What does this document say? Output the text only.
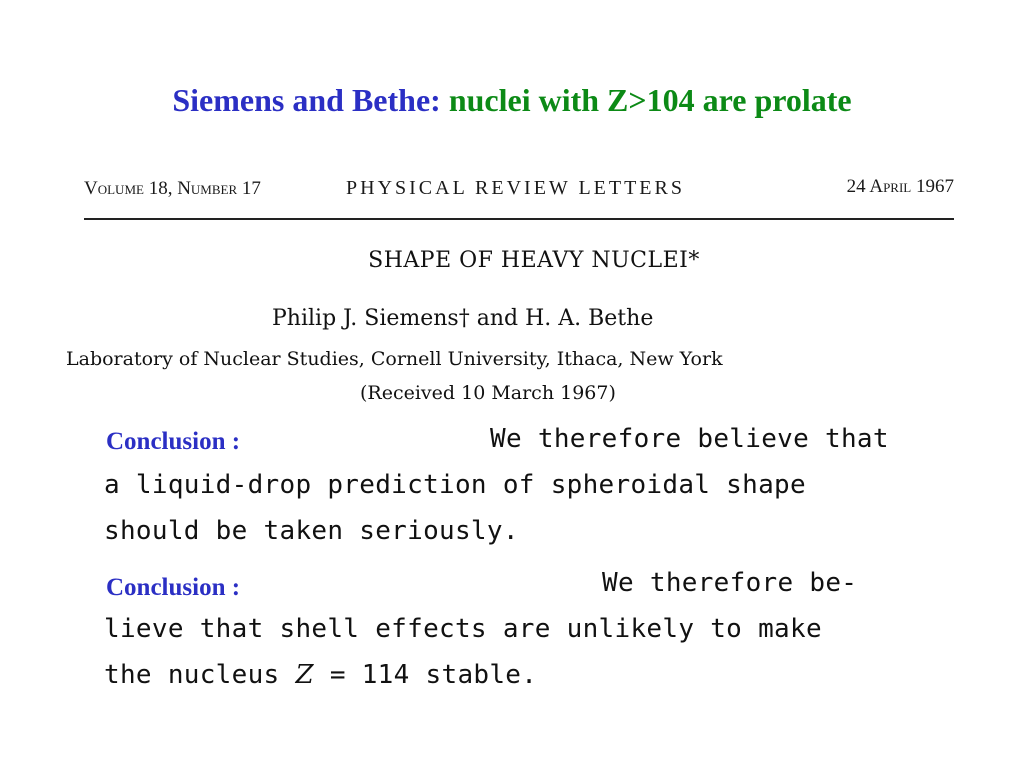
Siemens and Bethe: nuclei with Z>104 are prolate
Volume 18, Number 17	PHYSICAL REVIEW LETTERS	24 April 1967
SHAPE OF HEAVY NUCLEI*
Philip J. Siemens† and H. A. Bethe
Laboratory of Nuclear Studies, Cornell University, Ithaca, New York
(Received 10 March 1967)
Conclusion :	We therefore believe that
a liquid-drop prediction of spheroidal shape
should be taken seriously.
Conclusion :	We therefore be-
lieve that shell effects are unlikely to make
the nucleus Z = 114 stable.
